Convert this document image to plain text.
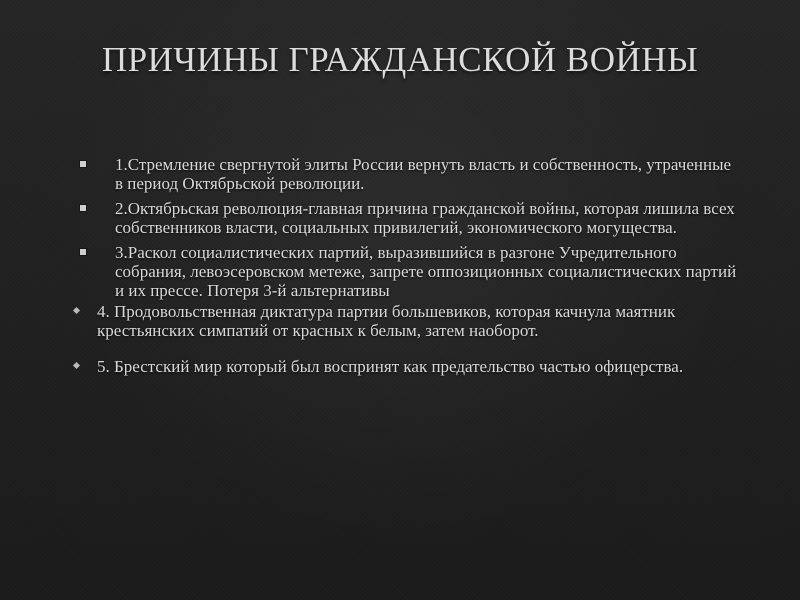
ПРИЧИНЫ ГРАЖДАНСКОЙ ВОЙНЫ
1.Стремление свергнутой элиты России вернуть власть и собственность, утраченные в период Октябрьской революции.
2.Октябрьская революция-главная причина гражданской войны, которая лишила всех собственников власти, социальных привилегий, экономического могущества.
3.Раскол социалистических партий, выразившийся в разгоне Учредительного собрания, левоэсеровском метеже, запрете оппозиционных социалистических партий и их прессе. Потеря 3-й альтернативы
4. Продовольственная диктатура партии большевиков, которая качнула маятник крестьянских симпатий от красных к белым, затем наоборот.
5. Брестский мир который был воспринят как предательство частью офицерства.
